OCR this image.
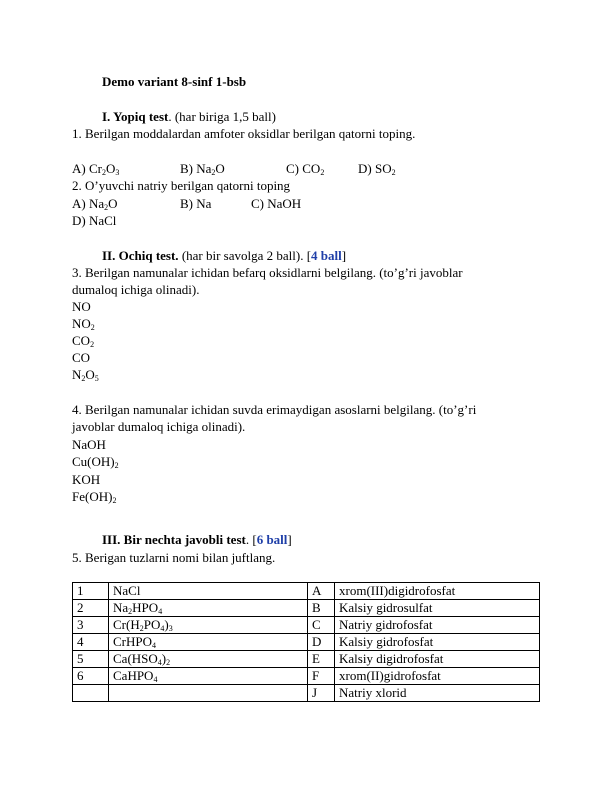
Demo variant 8-sinf 1-bsb
I. Yopiq test. (har biriga 1,5 ball)
1. Berilgan moddalardan amfoter oksidlar berilgan qatorni toping.
A) $Cr_2O_3$	B) $Na_2O$	C) $CO_2$	D) $SO_2$
2. O’yuvchi natriy berilgan qatorni toping
A) $Na_2O$	B) Na	C) NaOH
D) NaCl
II. Ochiq test. (har bir savolga 2 ball). [4 ball]
3. Berilgan namunalar ichidan befarq oksidlarni belgilang. (to’g’ri javoblar
dumaloq ichiga olinadi).
NO
$NO_2$
$CO_2$
CO
$N_2O_5$
4. Berilgan namunalar ichidan suvda erimaydigan asoslarni belgilang. (to’g’ri
javoblar dumaloq ichiga olinadi).
NaOH
$Cu(OH)_2$
KOH
$Fe(OH)_2$
III. Bir nechta javobli test. [6 ball]
5. Berigan tuzlarni nomi bilan juftlang.
1	NaCl	A	xrom(III)digidrofosfat
2	$Na_2HPO_4$	B	Kalsiy gidrosulfat
3	$Cr(H_2PO_4)_3$	C	Natriy gidrofosfat
4	CrHPO$_4$	D	Kalsiy gidrofosfat
5	$Ca(HSO_4)_2$	E	Kalsiy digidrofosfat
6	CaHPO$_4$	F	xrom(II)gidrofosfat
		J	Natriy xlorid
